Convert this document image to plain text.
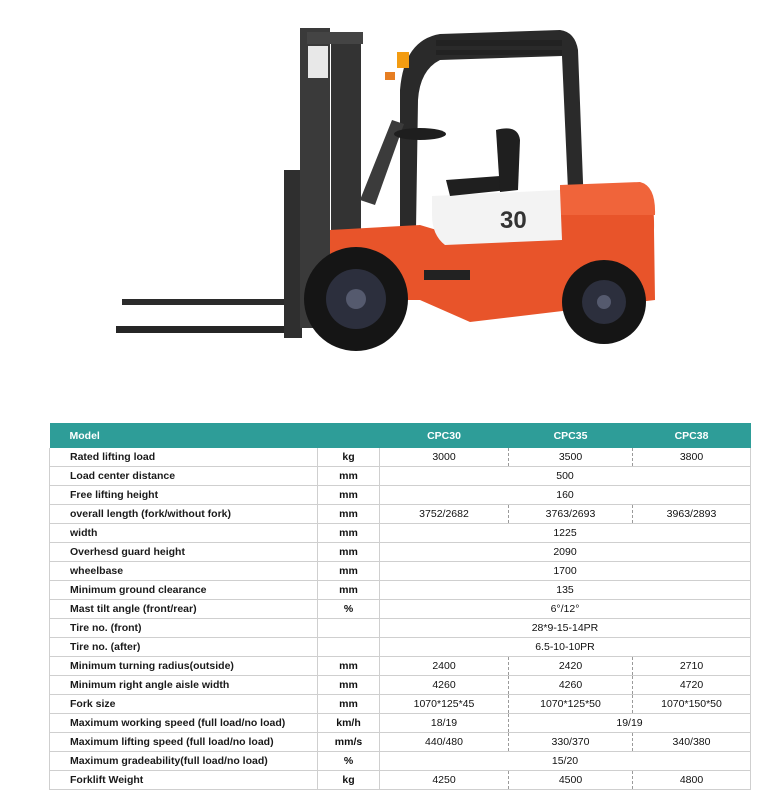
30
Model		CPC30	CPC35	CPC38
Rated lifting load	kg	3000	3500	3800
Load center distance	mm	500		
Free lifting height	mm	160		
overall length (fork/without fork)	mm	3752/2682	3763/2693	3963/2893
width	mm	1225		
Overhesd guard height	mm	2090		
wheelbase	mm	1700		
Minimum ground clearance	mm	135		
Mast tilt angle (front/rear)	%	6°/12°		
Tire no. (front)		28*9-15-14PR		
Tire no. (after)		6.5-10-10PR		
Minimum turning radius(outside)	mm	2400	2420	2710
Minimum right angle aisle width	mm	4260	4260	4720
Fork size	mm	1070*125*45	1070*125*50	1070*150*50
Maximum working speed (full load/no load)	km/h	18/19	19/19	
Maximum lifting speed (full load/no load)	mm/s	440/480	330/370	340/380
Maximum gradeability(full load/no load)	%	15/20		
Forklift Weight	kg	4250	4500	4800
